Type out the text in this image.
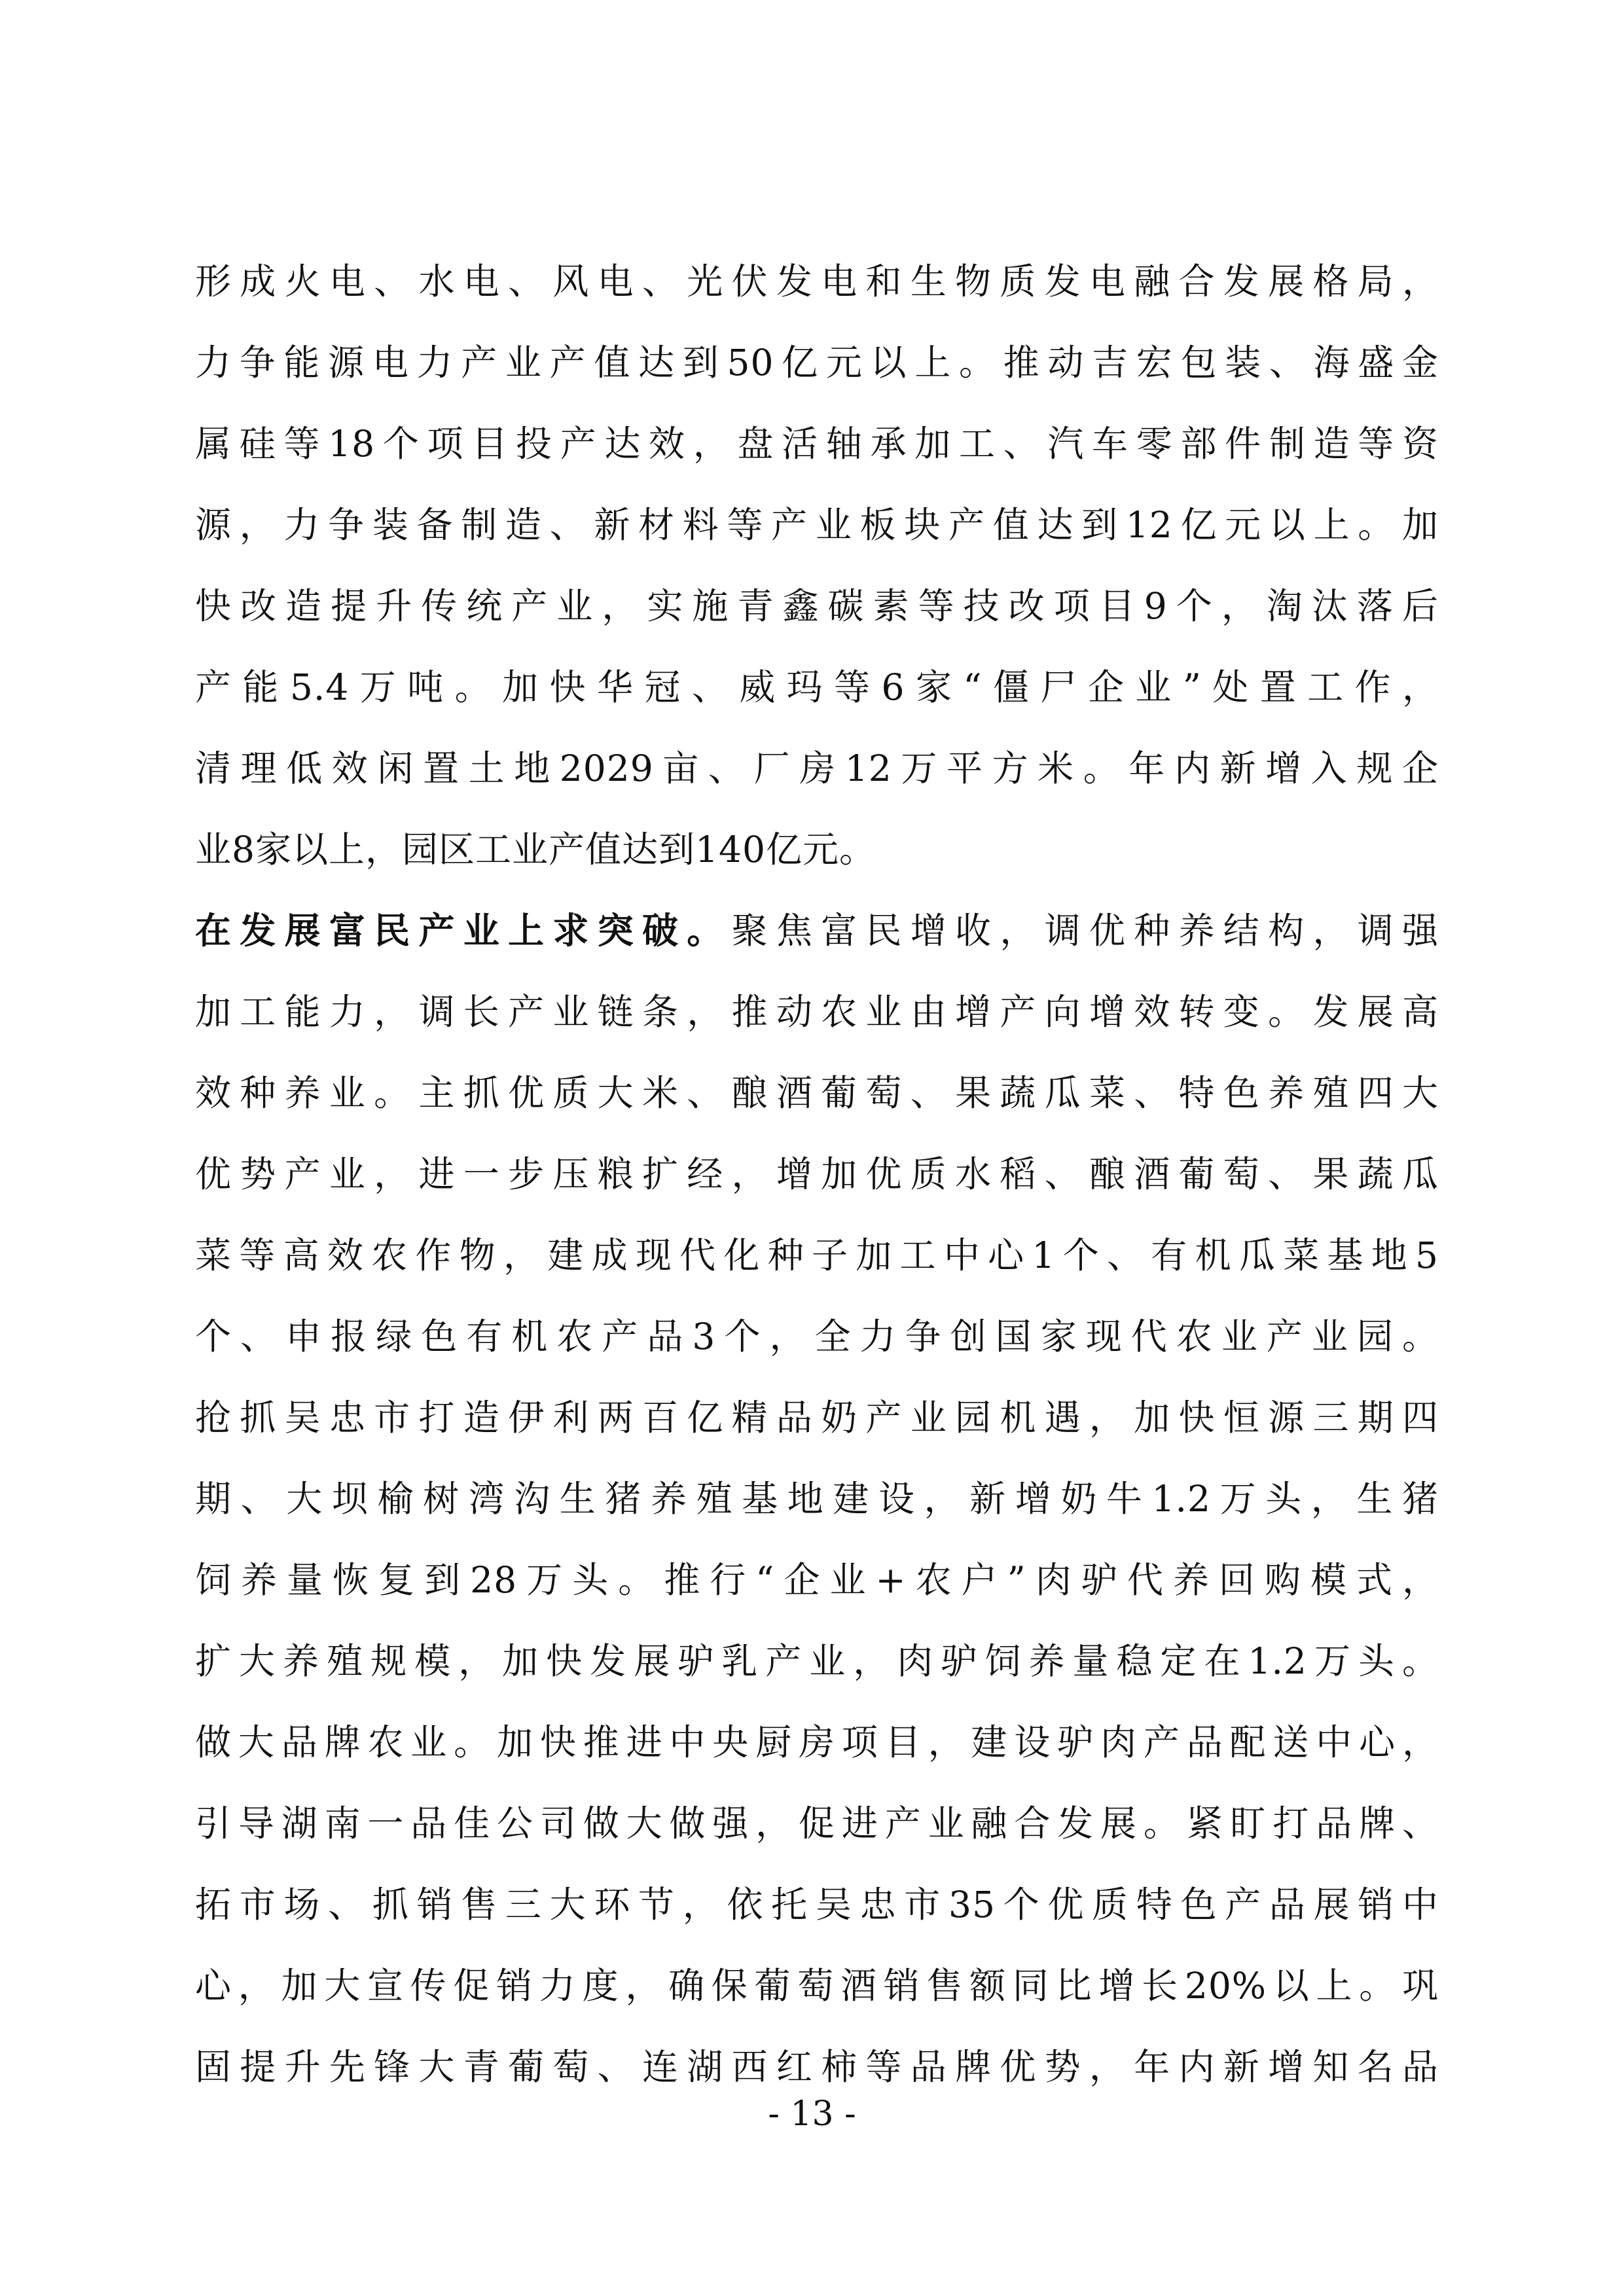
形成火电、水电、风电、光伏发电和生物质发电融合发展格局，
力争能源电力产业产值达到50亿元以上。推动吉宏包装、海盛金
属硅等18个项目投产达效，盘活轴承加工、汽车零部件制造等资
源，力争装备制造、新材料等产业板块产值达到12亿元以上。加
快改造提升传统产业，实施青鑫碳素等技改项目9个，淘汰落后
产能5.4万吨。加快华冠、威玛等6家“僵尸企业”处置工作，
清理低效闲置土地2029亩、厂房12万平方米。年内新增入规企
业8家以上，园区工业产值达到140亿元。
在发展富民产业上求突破。聚焦富民增收，调优种养结构，调强
加工能力，调长产业链条，推动农业由增产向增效转变。发展高
效种养业。主抓优质大米、酿酒葡萄、果蔬瓜菜、特色养殖四大
优势产业，进一步压粮扩经，增加优质水稻、酿酒葡萄、果蔬瓜
菜等高效农作物，建成现代化种子加工中心1个、有机瓜菜基地5
个、申报绿色有机农产品3个，全力争创国家现代农业产业园。
抢抓吴忠市打造伊利两百亿精品奶产业园机遇，加快恒源三期四
期、大坝榆树湾沟生猪养殖基地建设，新增奶牛1.2万头，生猪
饲养量恢复到28万头。推行“企业+农户”肉驴代养回购模式，
扩大养殖规模，加快发展驴乳产业，肉驴饲养量稳定在1.2万头。
做大品牌农业。加快推进中央厨房项目，建设驴肉产品配送中心，
引导湖南一品佳公司做大做强，促进产业融合发展。紧盯打品牌、
拓市场、抓销售三大环节，依托吴忠市35个优质特色产品展销中
心，加大宣传促销力度，确保葡萄酒销售额同比增长20%以上。巩
固提升先锋大青葡萄、连湖西红柿等品牌优势，年内新增知名品
- 13 -
